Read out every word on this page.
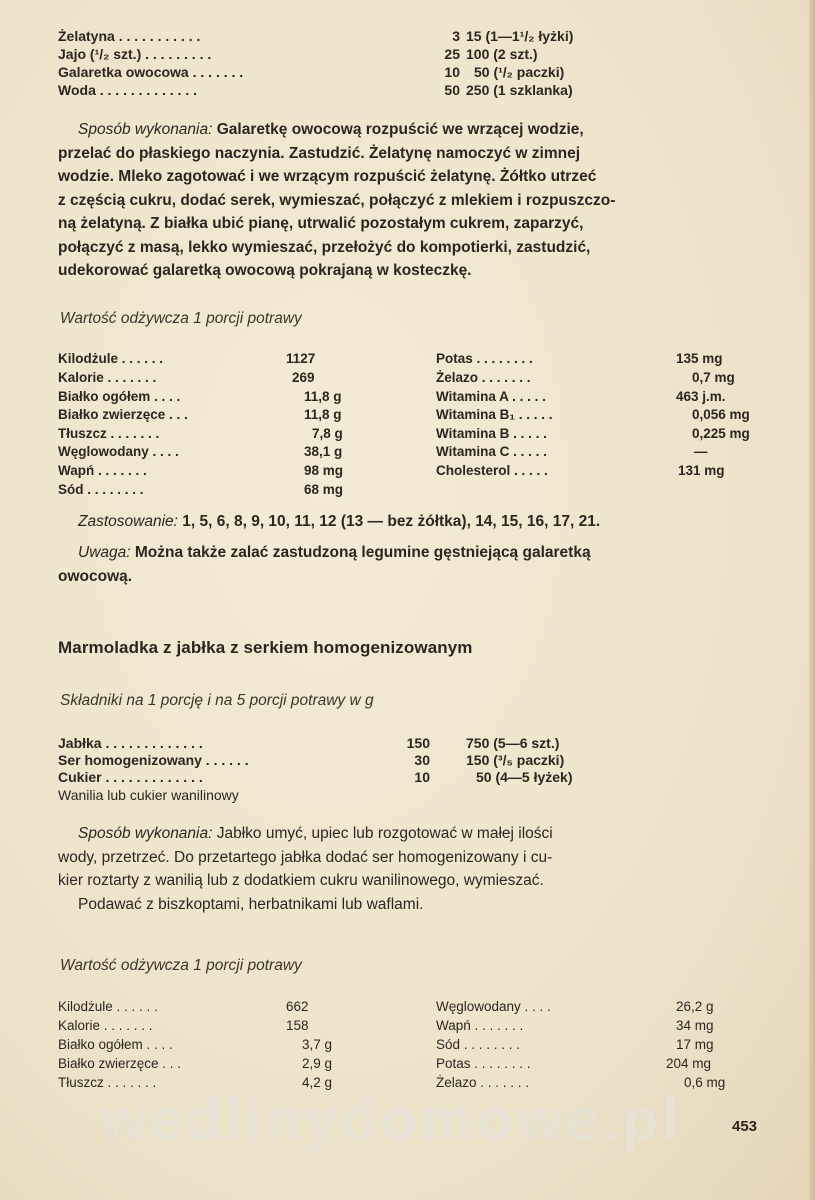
Żelatyna . . . . . . . . . . .	3 15 (1—1¹/₂ łyżki)
Jajo (¹/₂ szt.) . . . . . . . . .	25 100 (2 szt.)
Galaretka owocowa . . . . . . .	10 50 (¹/₂ paczki)
Woda . . . . . . . . . . . . .	50 250 (1 szklanka)
Sposób wykonania: Galaretkę owocową rozpuścić we wrzącej wodzie,
przelać do płaskiego naczynia. Zastudzić. Żelatynę namoczyć w zimnej
wodzie. Mleko zagotować i we wrzącym rozpuścić żelatynę. Żółtko utrzeć
z częścią cukru, dodać serek, wymieszać, połączyć z mlekiem i rozpuszczo-
ną żelatyną. Z białka ubić pianę, utrwalić pozostałym cukrem, zaparzyć,
połączyć z masą, lekko wymieszać, przełożyć do kompotierki, zastudzić,
udekorować galaretką owocową pokrajaną w kosteczkę.
Wartość odżywcza 1 porcji potrawy
Kilodżule . . . . . .	1127
Kalorie . . . . . . .	269
Białko ogółem . . . .	11,8 g
Białko zwierzęce . . .	11,8 g
Tłuszcz . . . . . . .	7,8 g
Węglowodany . . . .	38,1 g
Wapń . . . . . . .	98 mg
Sód . . . . . . . .	68 mg
Potas . . . . . . . .	135 mg
Żelazo . . . . . . .	0,7 mg
Witamina A . . . . .	463 j.m.
Witamina B₁ . . . . .	0,056 mg
Witamina B . . . . .	0,225 mg
Witamina C . . . . .	—
Cholesterol . . . . .	131 mg
Zastosowanie: 1, 5, 6, 8, 9, 10, 11, 12 (13 — bez żółtka), 14, 15, 16, 17, 21.
Uwaga: Można także zalać zastudzoną legumine gęstniejącą galaretką
owocową.
Marmoladka z jabłka z serkiem homogenizowanym
Składniki na 1 porcję i na 5 porcji potrawy w g
Jabłka . . . . . . . . . . . . .	150	750 (5—6 szt.)
Ser homogenizowany . . . . . .	30	150 (³/₅ paczki)
Cukier . . . . . . . . . . . . .	10	50 (4—5 łyżek)
Wanilia lub cukier wanilinowy
Sposób wykonania: Jabłko umyć, upiec lub rozgotować w małej ilości
wody, przetrzeć. Do przetartego jabłka dodać ser homogenizowany i cu-
kier roztarty z wanilią lub z dodatkiem cukru wanilinowego, wymieszać.
Podawać z biszkoptami, herbatnikami lub waflami.
Wartość odżywcza 1 porcji potrawy
Kilodżule . . . . . .	662
Kalorie . . . . . . .	158
Białko ogółem . . . .	3,7 g
Białko zwierzęce . . .	2,9 g
Tłuszcz . . . . . . .	4,2 g
Węglowodany . . . .	26,2 g
Wapń . . . . . . .	34 mg
Sód . . . . . . . .	17 mg
Potas . . . . . . . .	204 mg
Żelazo . . . . . . .	0,6 mg
wedlinydomowe.pl	453
